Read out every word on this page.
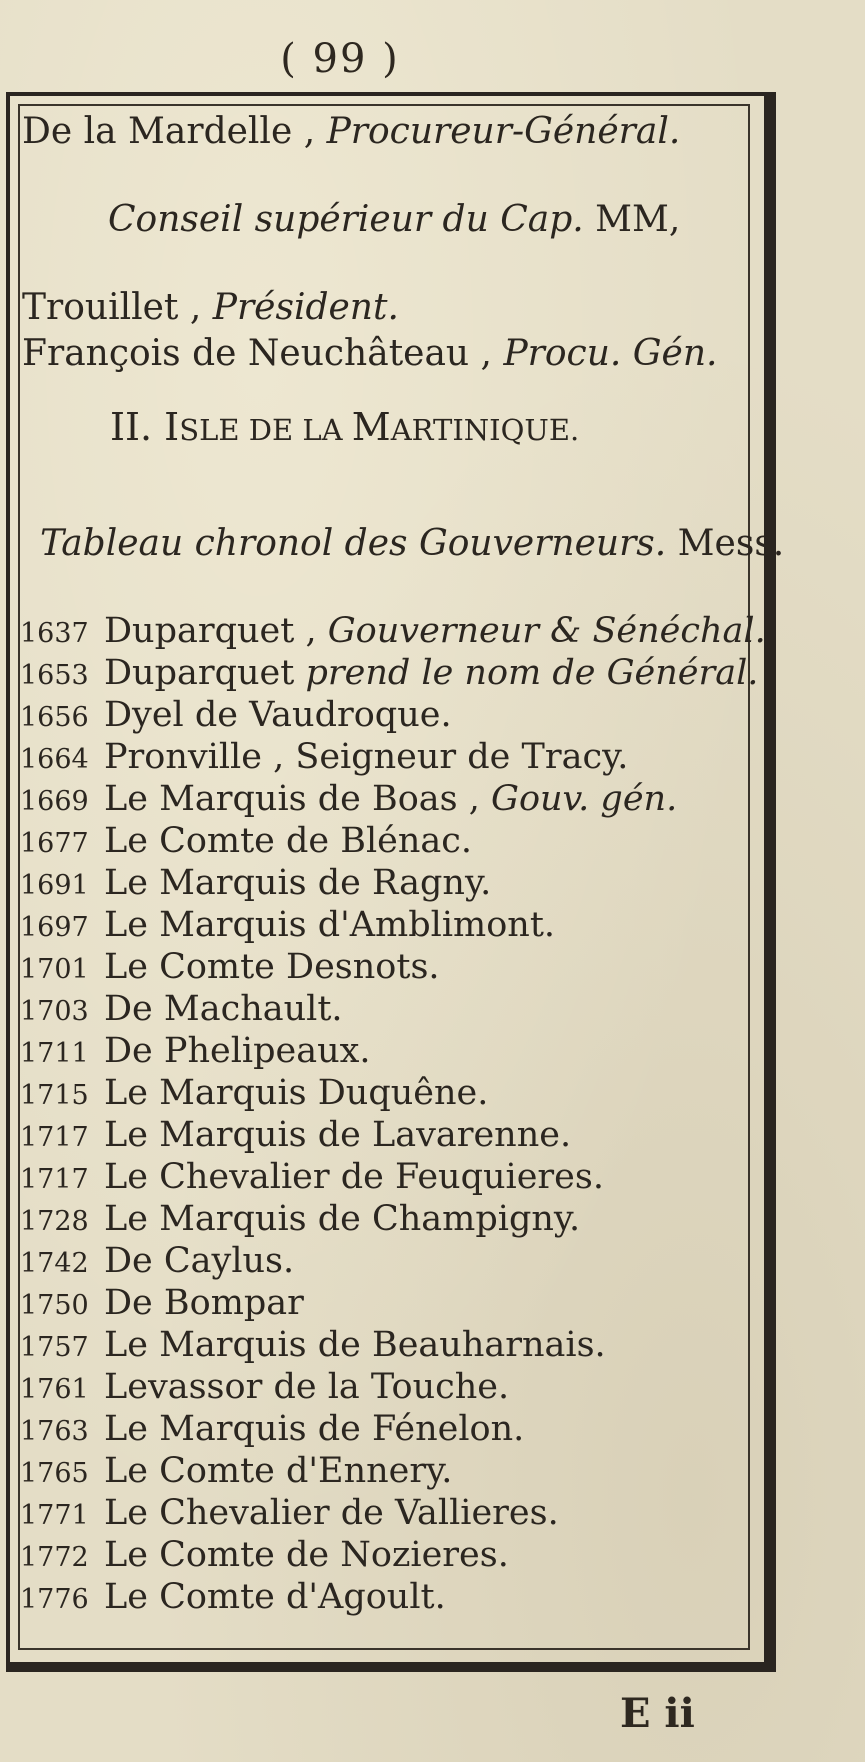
( 99 )
De la Mardelle , Procureur-Général.
Conseil supérieur du Cap. MM,
Trouillet , Président.
François de Neuchâteau , Procu. Gén.
II. ISLE DE LA MARTINIQUE.
Tableau chronol des Gouverneurs. Mess.
1637 Duparquet , Gouverneur & Sénéchal.
1653 Duparquet prend le nom de Général.
1656 Dyel de Vaudroque.
1664 Pronville , Seigneur de Tracy.
1669 Le Marquis de Boas , Gouv. gén.
1677 Le Comte de Blénac.
1691 Le Marquis de Ragny.
1697 Le Marquis d'Amblimont.
1701 Le Comte Desnots.
1703 De Machault.
1711 De Phelipeaux.
1715 Le Marquis Duquêne.
1717 Le Marquis de Lavarenne.
1717 Le Chevalier de Feuquieres.
1728 Le Marquis de Champigny.
1742 De Caylus.
1750 De Bompar
1757 Le Marquis de Beauharnais.
1761 Levassor de la Touche.
1763 Le Marquis de Fénelon.
1765 Le Comte d'Ennery.
1771 Le Chevalier de Vallieres.
1772 Le Comte de Nozieres.
1776 Le Comte d'Agoult.
E ii
